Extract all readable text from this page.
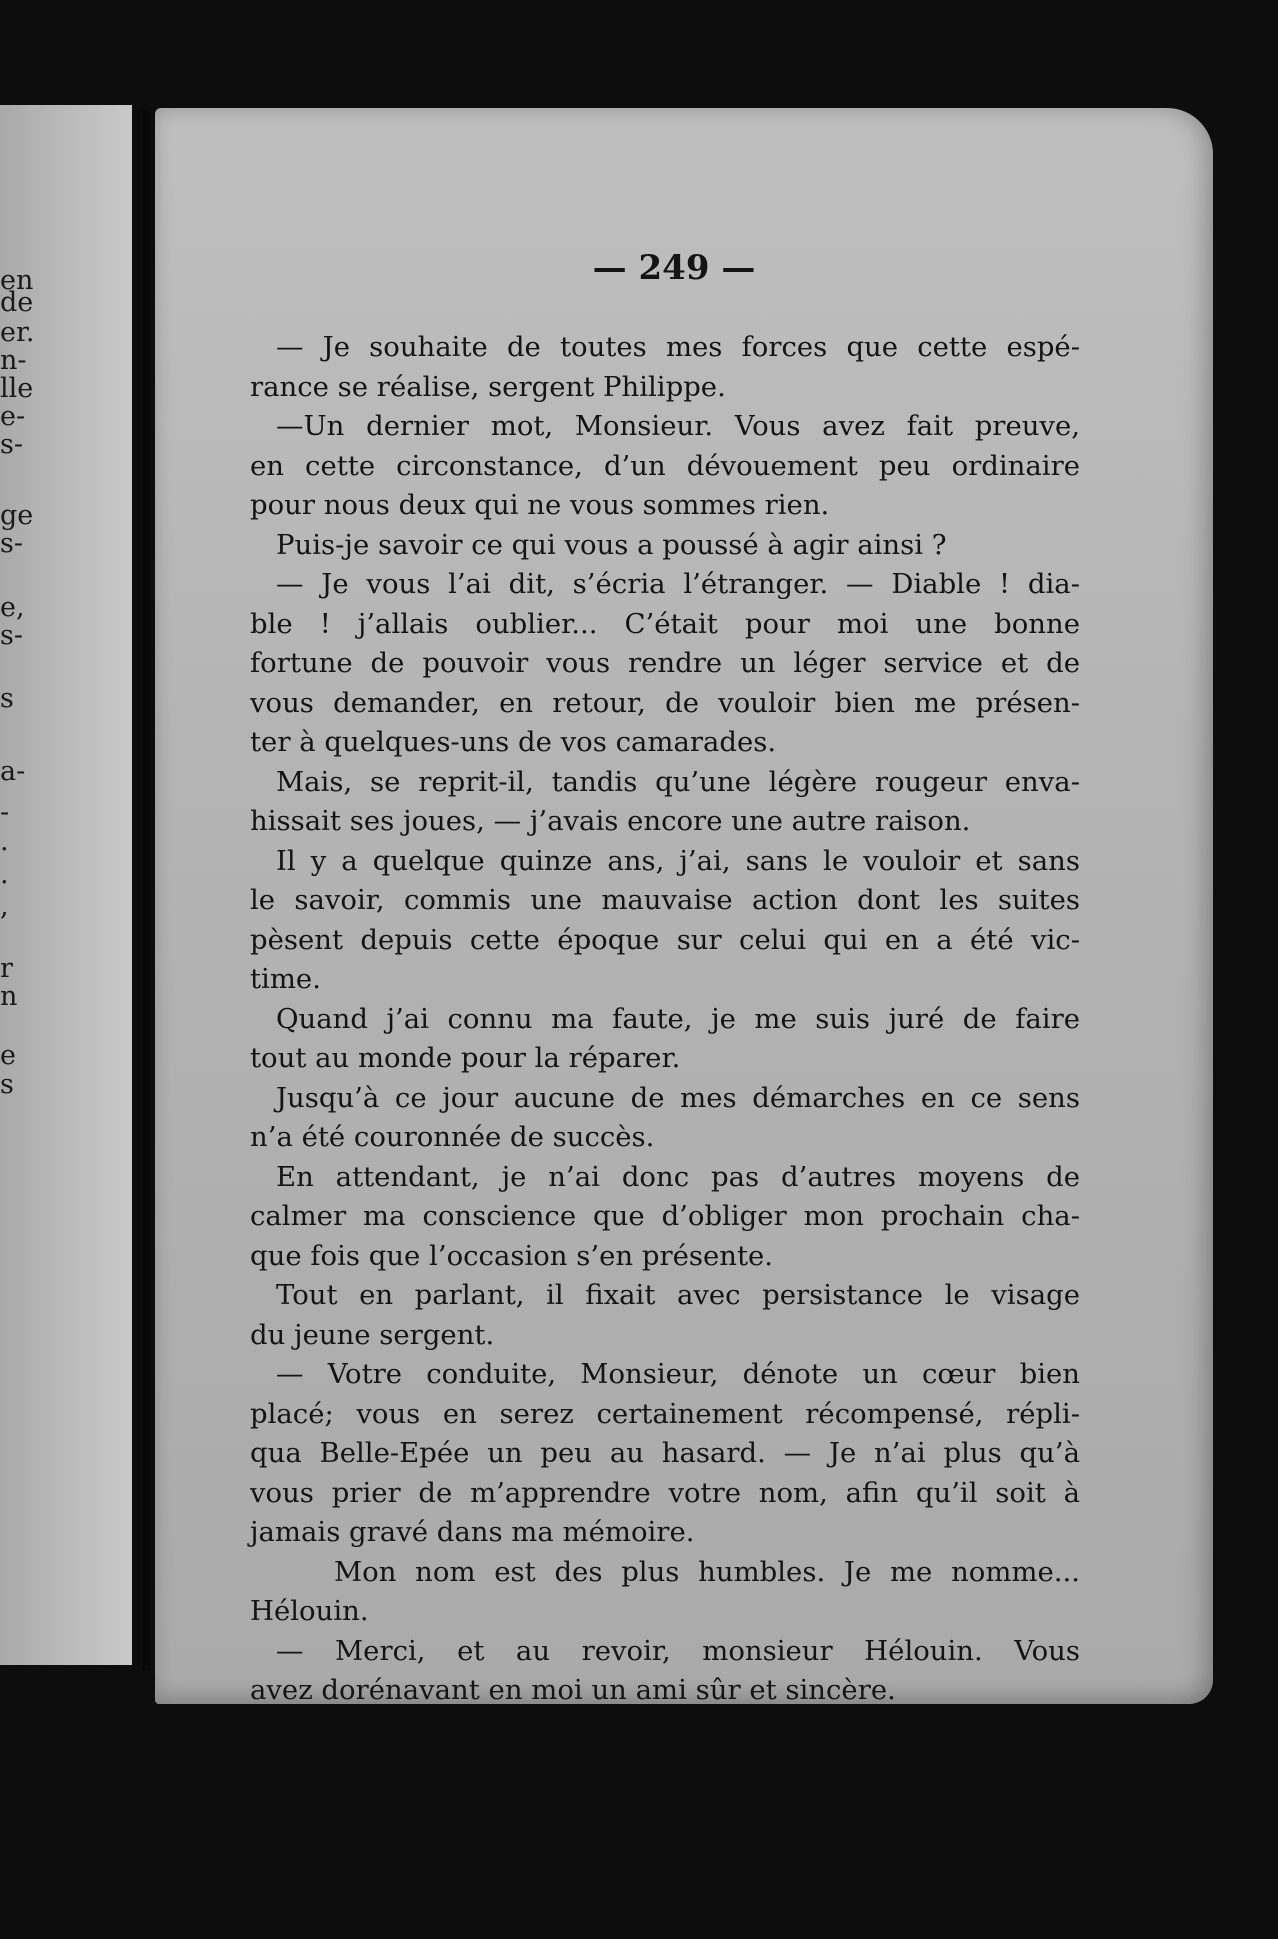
en
de
er.
n-
lle
e-
s-
ge
s-
e,
s-
s
a-
-
.
.
,
r
n
e
s
— 249 —
— Je souhaite de toutes mes forces que cette espé-
rance se réalise, sergent Philippe.
—Un dernier mot, Monsieur. Vous avez fait preuve,
en cette circonstance, d’un dévouement peu ordinaire
pour nous deux qui ne vous sommes rien.
Puis-je savoir ce qui vous a poussé à agir ainsi ?
— Je vous l’ai dit, s’écria l’étranger. — Diable ! dia-
ble ! j’allais oublier... C’était pour moi une bonne
fortune de pouvoir vous rendre un léger service et de
vous demander, en retour, de vouloir bien me présen-
ter à quelques-uns de vos camarades.
Mais, se reprit-il, tandis qu’une légère rougeur enva-
hissait ses joues, — j’avais encore une autre raison.
Il y a quelque quinze ans, j’ai, sans le vouloir et sans
le savoir, commis une mauvaise action dont les suites
pèsent depuis cette époque sur celui qui en a été vic-
time.
Quand j’ai connu ma faute, je me suis juré de faire
tout au monde pour la réparer.
Jusqu’à ce jour aucune de mes démarches en ce sens
n’a été couronnée de succès.
En attendant, je n’ai donc pas d’autres moyens de
calmer ma conscience que d’obliger mon prochain cha-
que fois que l’occasion s’en présente.
Tout en parlant, il fixait avec persistance le visage
du jeune sergent.
— Votre conduite, Monsieur, dénote un cœur bien
placé; vous en serez certainement récompensé, répli-
qua Belle-Epée un peu au hasard. — Je n’ai plus qu’à
vous prier de m’apprendre votre nom, afin qu’il soit à
jamais gravé dans ma mémoire.
Mon nom est des plus humbles. Je me nomme...
Hélouin.
— Merci, et au revoir, monsieur Hélouin. Vous
avez dorénavant en moi un ami sûr et sincère.
